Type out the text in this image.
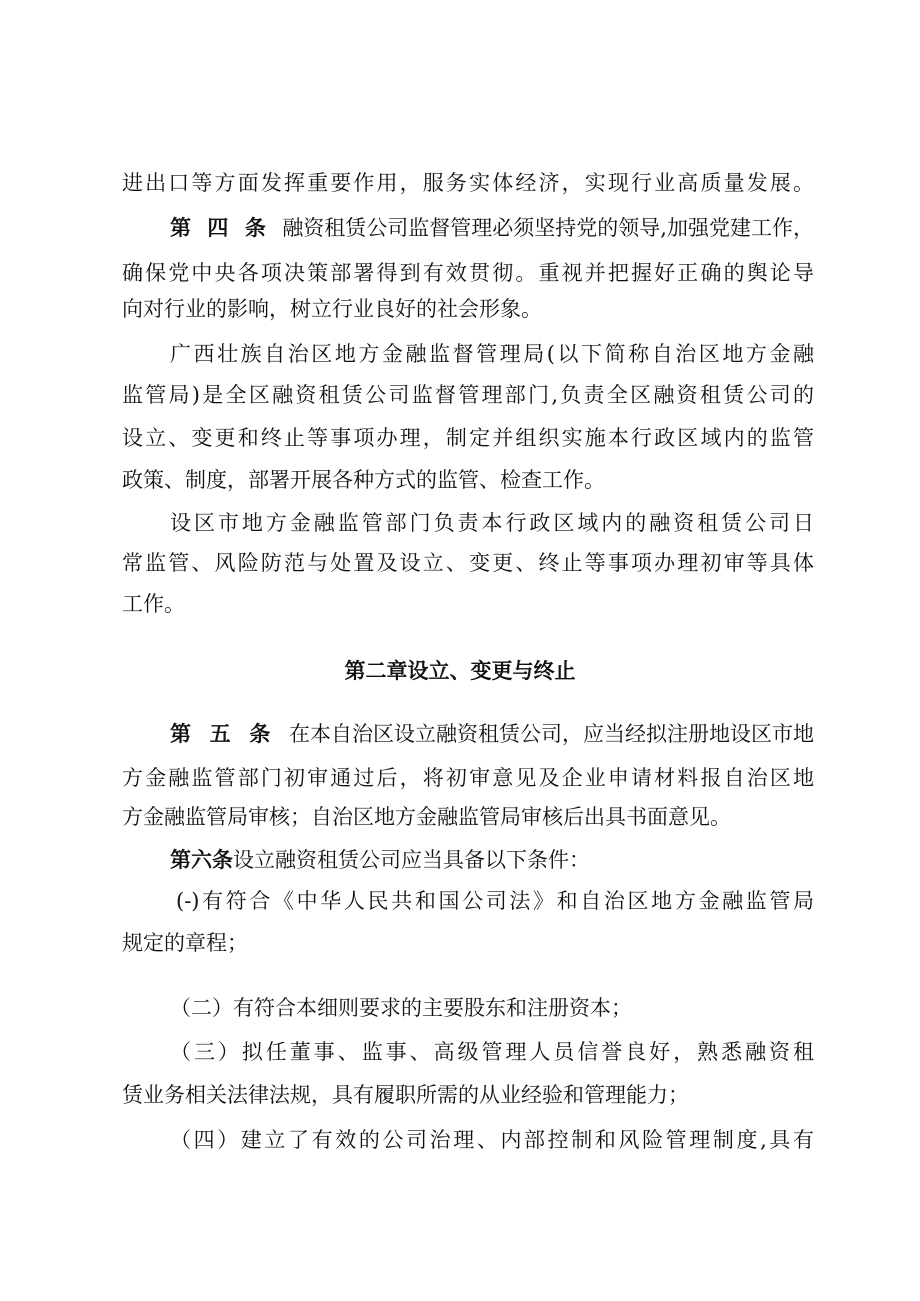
进出口等方面发挥重要作用，服务实体经济，实现行业高质量发展。
第四条融资租赁公司监督管理必须坚持党的领导,加强党建工作，
确保党中央各项决策部署得到有效贯彻。重视并把握好正确的舆论导
向对行业的影响，树立行业良好的社会形象。
广西壮族自治区地方金融监督管理局(以下简称自治区地方金融
监管局)是全区融资租赁公司监督管理部门,负责全区融资租赁公司的
设立、变更和终止等事项办理，制定并组织实施本行政区域内的监管
政策、制度，部署开展各种方式的监管、检查工作。
设区市地方金融监管部门负责本行政区域内的融资租赁公司日
常监管、风险防范与处置及设立、变更、终止等事项办理初审等具体
工作。
第二章设立、变更与终止
第五条在本自治区设立融资租赁公司，应当经拟注册地设区市地
方金融监管部门初审通过后，将初审意见及企业申请材料报自治区地
方金融监管局审核；自治区地方金融监管局审核后出具书面意见。
第六条设立融资租赁公司应当具备以下条件：
(-)有符合《中华人民共和国公司法》和自治区地方金融监管局
规定的章程；
（二）有符合本细则要求的主要股东和注册资本；
（三）拟任董事、监事、高级管理人员信誉良好，熟悉融资租
赁业务相关法律法规，具有履职所需的从业经验和管理能力；
（四）建立了有效的公司治理、内部控制和风险管理制度,具有
